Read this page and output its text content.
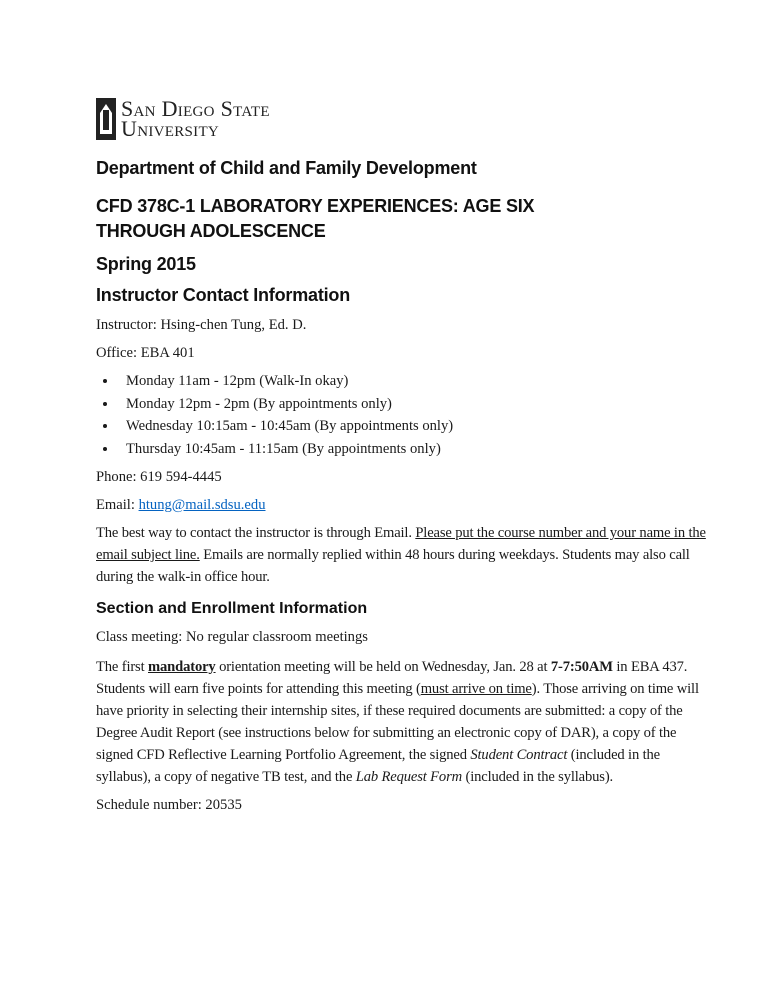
San Diego State
University
Department of Child and Family Development
CFD 378C-1 LABORATORY EXPERIENCES: AGE SIX THROUGH ADOLESCENCE
Spring 2015
Instructor Contact Information

Instructor: Hsing-chen Tung, Ed. D.

Office: EBA 401

• Monday 11am - 12pm (Walk-In okay)
• Monday 12pm - 2pm (By appointments only)
• Wednesday 10:15am - 10:45am (By appointments only)
• Thursday 10:45am - 11:15am (By appointments only)

Phone: 619 594-4445

Email: htung@mail.sdsu.edu

The best way to contact the instructor is through Email. Please put the course number and your name in the email subject line. Emails are normally replied within 48 hours during weekdays. Students may also call during the walk-in office hour.

Section and Enrollment Information

Class meeting: No regular classroom meetings

The first mandatory orientation meeting will be held on Wednesday, Jan. 28 at 7-7:50AM in EBA 437. Students will earn five points for attending this meeting (must arrive on time). Those arriving on time will have priority in selecting their internship sites, if these required documents are submitted: a copy of the Degree Audit Report (see instructions below for submitting an electronic copy of DAR), a copy of the signed CFD Reflective Learning Portfolio Agreement, the signed Student Contract (included in the syllabus), a copy of negative TB test, and the Lab Request Form (included in the syllabus).

Schedule number: 20535
